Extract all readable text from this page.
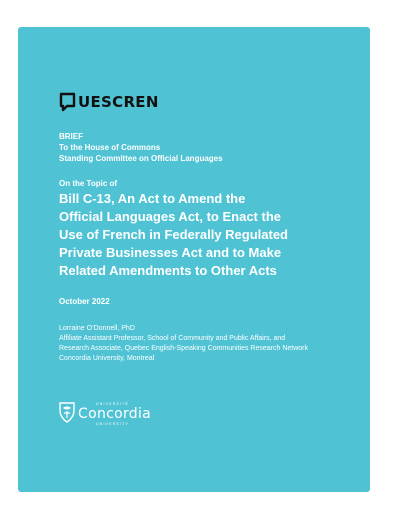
UESCREN
BRIEF
To the House of Commons
Standing Committee on Official Languages
On the Topic of
Bill C-13, An Act to Amend the
Official Languages Act, to Enact the
Use of French in Federally Regulated
Private Businesses Act and to Make
Related Amendments to Other Acts
October 2022
Lorraine O’Donnell, PhD
Affiliate Assistant Professor, School of Community and Public Affairs, and
Research Associate, Quebec English-Speaking Communities Research Network
Concordia University, Montreal
UNIVERSITÉ
Concordia
UNIVERSITY
